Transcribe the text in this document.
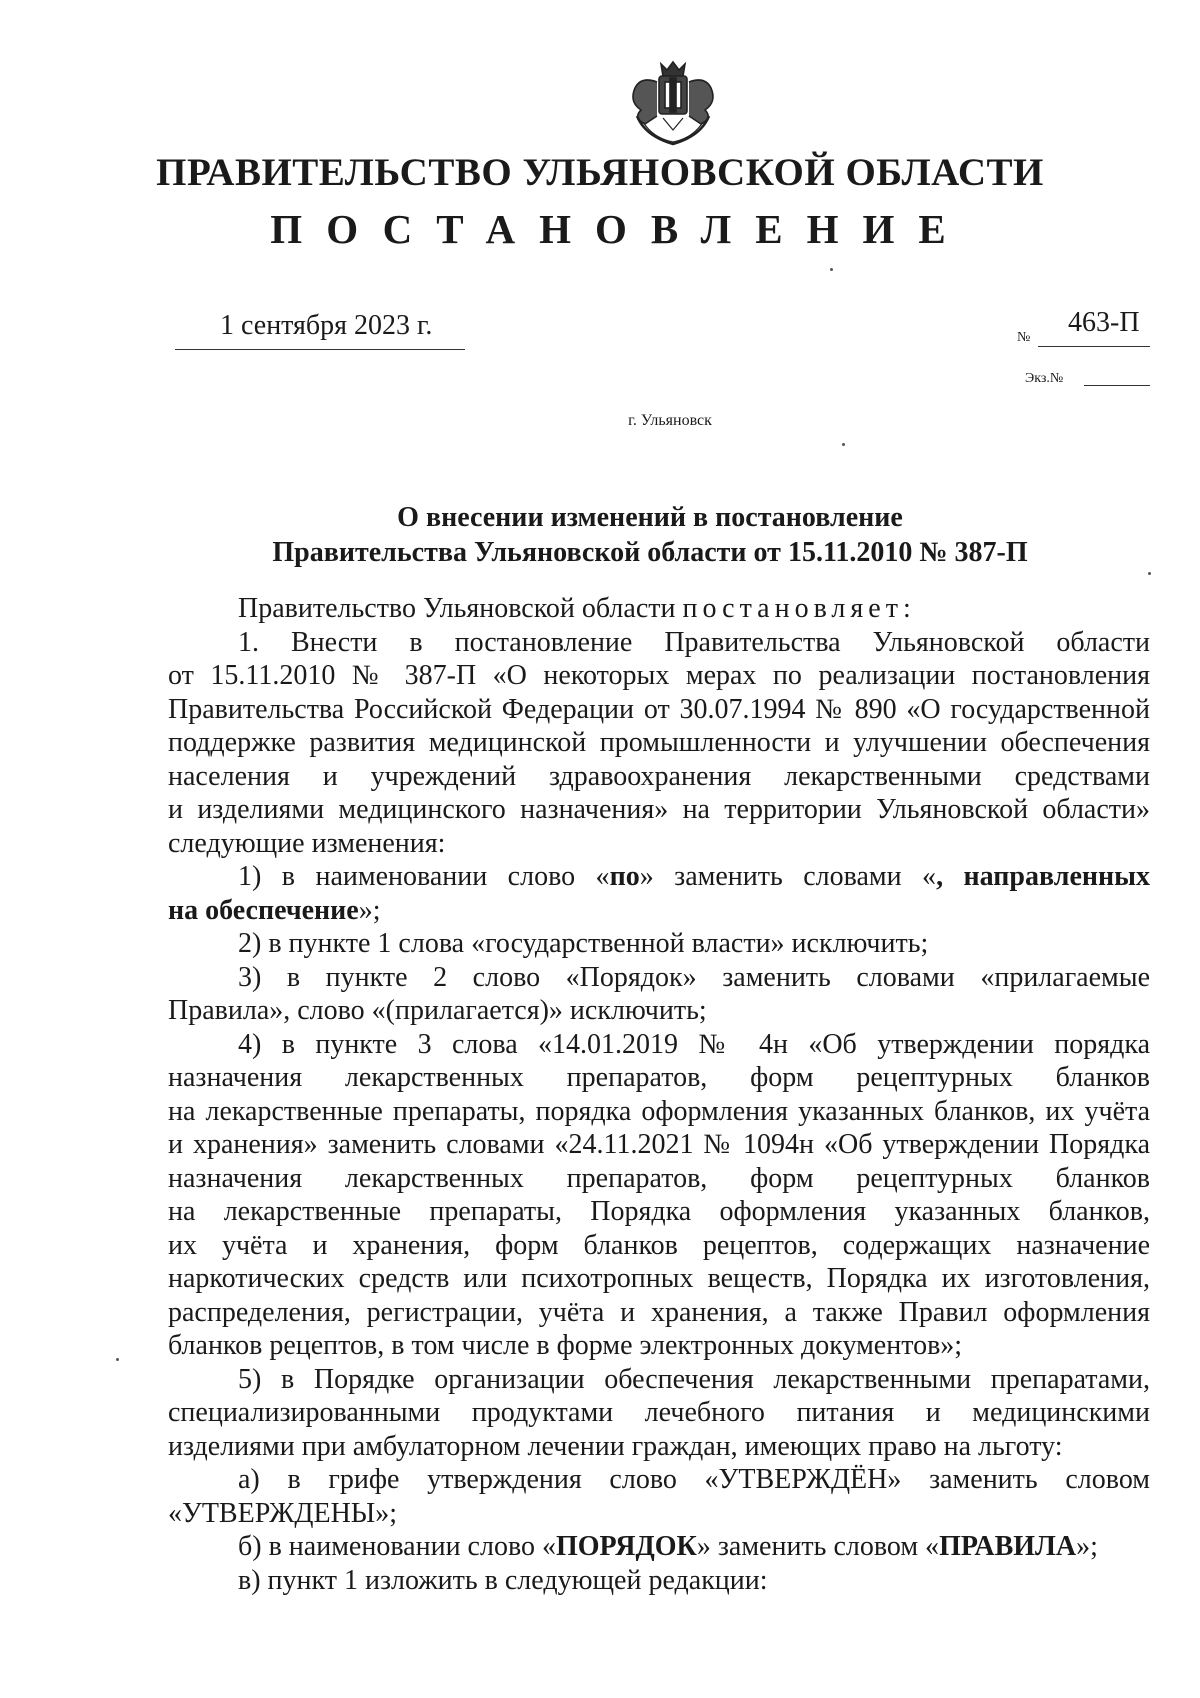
ПРАВИТЕЛЬСТВО УЛЬЯНОВСКОЙ ОБЛАСТИ
ПОСТАНОВЛЕНИЕ
1 сентября 2023 г.	№ 463-П
Экз.№
г. Ульяновск
О внесении изменений в постановление
Правительства Ульяновской области от 15.11.2010 № 387-П

Правительство Ульяновской области постановляет:

1. Внести в постановление Правительства Ульяновской области

от 15.11.2010 № 387-П «О некоторых мерах по реализации постановления

Правительства Российской Федерации от 30.07.1994 № 890 «О государственной

поддержке развития медицинской промышленности и улучшении обеспечения

населения и учреждений здравоохранения лекарственными средствами

и изделиями медицинского назначения» на территории Ульяновской области»

следующие изменения:

1) в наименовании слово «по» заменить словами «, направленных

на обеспечение»;

2) в пункте 1 слова «государственной власти» исключить;

3) в пункте 2 слово «Порядок» заменить словами «прилагаемые

Правила», слово «(прилагается)» исключить;

4) в пункте 3 слова «14.01.2019 № 4н «Об утверждении порядка

назначения лекарственных препаратов, форм рецептурных бланков

на лекарственные препараты, порядка оформления указанных бланков, их учёта

и хранения» заменить словами «24.11.2021 № 1094н «Об утверждении Порядка

назначения лекарственных препаратов, форм рецептурных бланков

на лекарственные препараты, Порядка оформления указанных бланков,

их учёта и хранения, форм бланков рецептов, содержащих назначение

наркотических средств или психотропных веществ, Порядка их изготовления,

распределения, регистрации, учёта и хранения, а также Правил оформления

бланков рецептов, в том числе в форме электронных документов»;

5) в Порядке организации обеспечения лекарственными препаратами,

специализированными продуктами лечебного питания и медицинскими

изделиями при амбулаторном лечении граждан, имеющих право на льготу:

а) в грифе утверждения слово «УТВЕРЖДЁН» заменить словом

«УТВЕРЖДЕНЫ»;

б) в наименовании слово «ПОРЯДОК» заменить словом «ПРАВИЛА»;

в) пункт 1 изложить в следующей редакции:
